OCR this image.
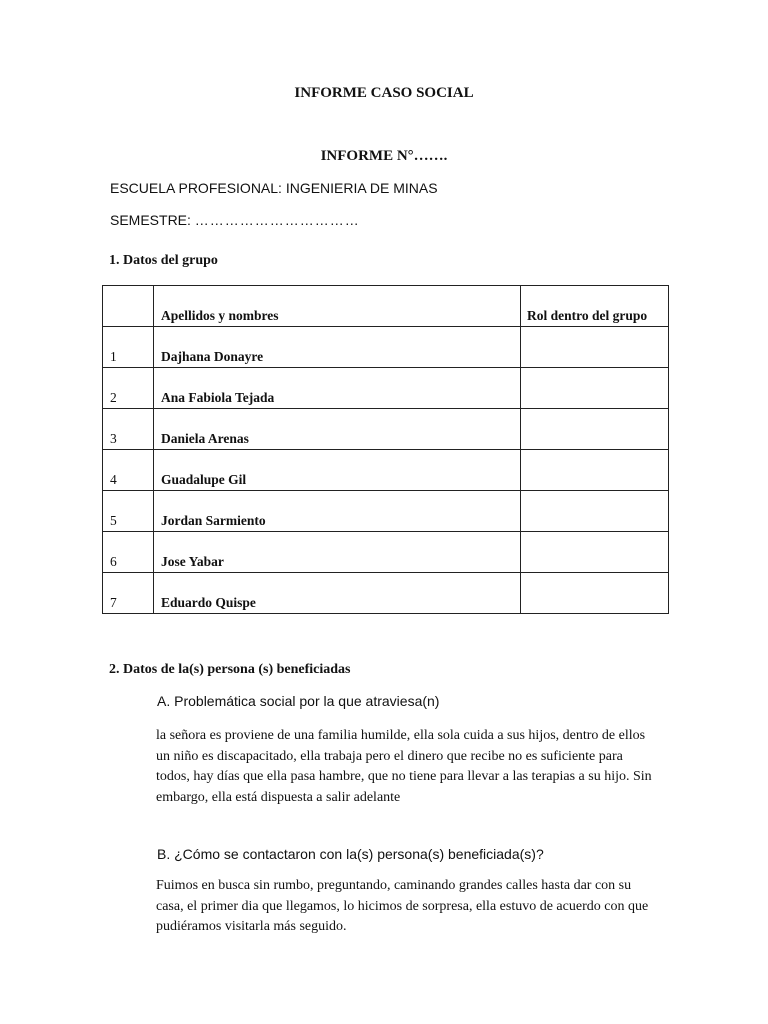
INFORME CASO SOCIAL
INFORME N°…….
ESCUELA PROFESIONAL: INGENIERIA DE MINAS
SEMESTRE: ……………………………
1. Datos del grupo
	Apellidos y nombres	Rol dentro del grupo
1	Dajhana Donayre	
2	Ana Fabiola Tejada	
3	Daniela Arenas	
4	Guadalupe Gil	
5	Jordan Sarmiento	
6	Jose Yabar	
7	Eduardo Quispe	
2. Datos de la(s) persona (s) beneficiadas
A. Problemática social por la que atraviesa(n)
la señora es proviene de una familia humilde, ella sola cuida a sus hijos, dentro de ellos un niño es discapacitado, ella trabaja pero el dinero que recibe no es suficiente para todos, hay días que ella pasa hambre, que no tiene para llevar a las terapias a su hijo. Sin embargo, ella está dispuesta a salir adelante
B. ¿Cómo se contactaron con la(s) persona(s) beneficiada(s)?
Fuimos en busca sin rumbo, preguntando, caminando grandes calles hasta dar con su casa, el primer dia que llegamos, lo hicimos de sorpresa, ella estuvo de acuerdo con que pudiéramos visitarla más seguido.
